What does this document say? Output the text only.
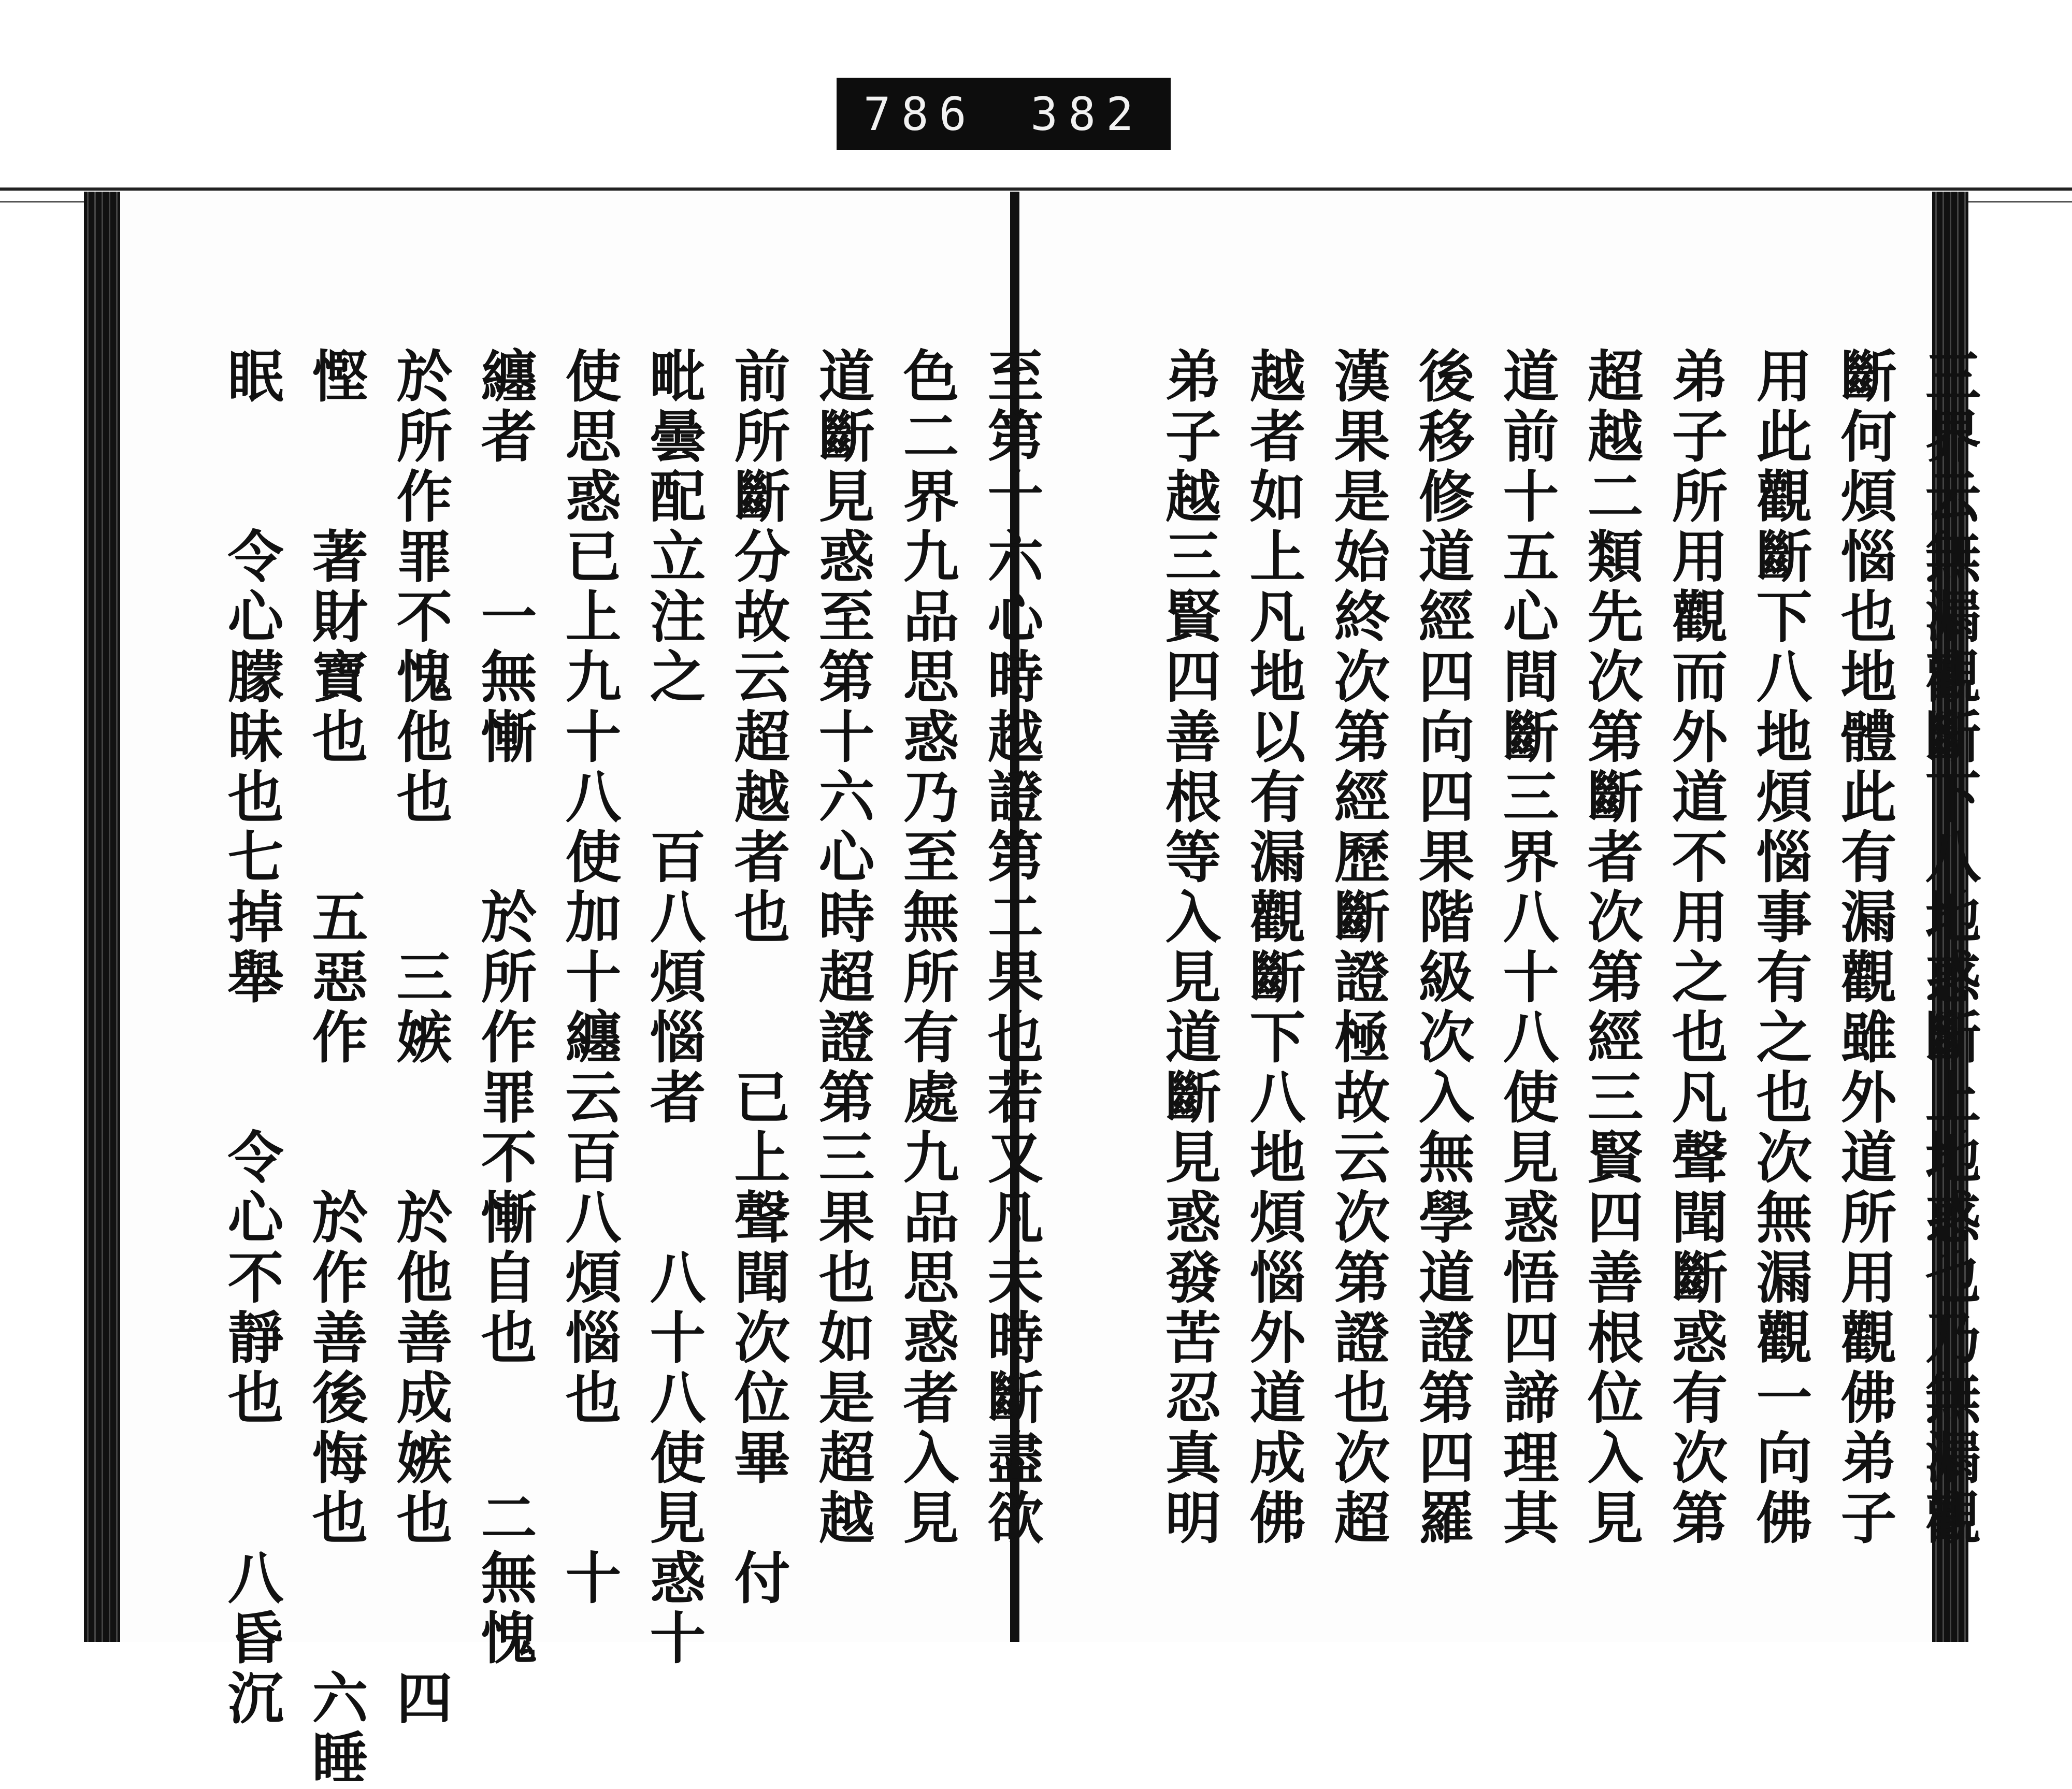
786 382
三界云無漏觀斷下八地惑斷上地惑也乃無漏觀
斷何煩惱也地體此有漏觀雖外道所用觀佛弟子
用此觀斷下八地煩惱事有之也次無漏觀一向佛
弟子所用觀而外道不用之也凡聲聞斷惑有次第
超越二類先次第斷者次第經三賢四善根位入見
道前十五心間斷三界八十八使見惑悟四諦理其
後移修道經四向四果階級次入無學道證第四羅
漢果是始終次第經歷斷證極故云次第證也次超
越者如上凡地以有漏觀斷下八地煩惱外道成佛
弟子越三賢四善根等入見道斷見惑發苦忍真明
至第十六心時越證第二果也若又凡夫時斷盡欲
色二界九品思惑乃至無所有處九品思惑者入見
道斷見惑至第十六心時超證第三果也如是超越
前所斷分故云超越者也　　已上聲聞次位畢　付
毗曇配立注之　　百八煩惱者　　八十八使見惑十
使思惑已上九十八使加十纏云百八煩惱也　　十
纏者　　一無慚　　於所作罪不慚自也　　二無愧
於所作罪不愧他也　　三嫉　　於他善成嫉也　　四
慳　　著財寶也　　五惡作　　於作善後悔也　　六睡
眠　　令心朦昧也七掉舉　　令心不靜也　　八昏沉
